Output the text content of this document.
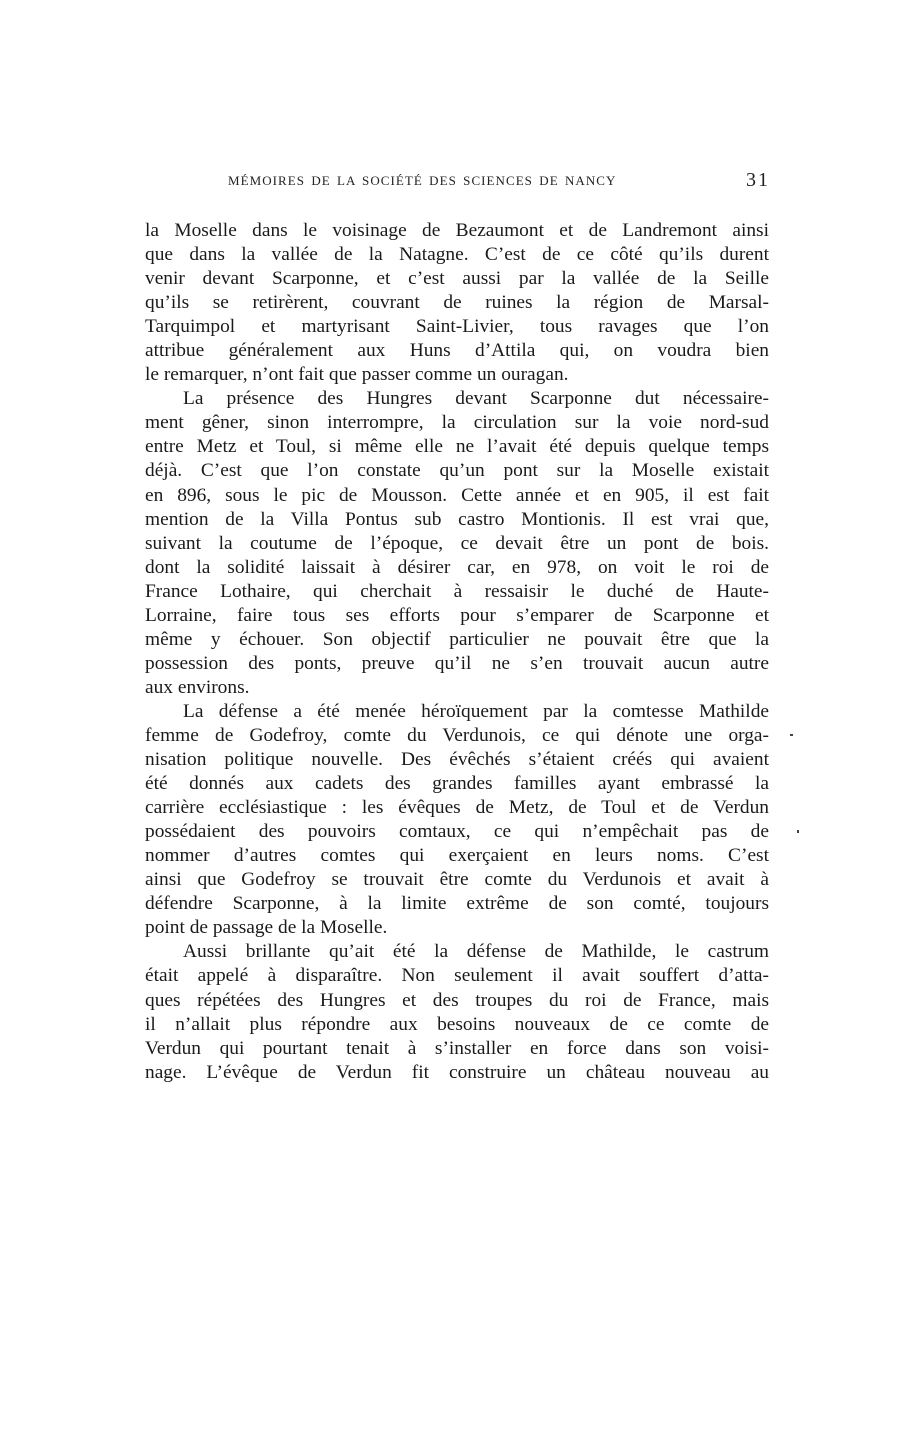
MÉMOIRES DE LA SOCIÉTÉ DES SCIENCES DE NANCY	31
la Moselle dans le voisinage de Bezaumont et de Landremont ainsi
que dans la vallée de la Natagne. C’est de ce côté qu’ils durent
venir devant Scarponne, et c’est aussi par la vallée de la Seille
qu’ils se retirèrent, couvrant de ruines la région de Marsal-
Tarquimpol et martyrisant Saint-Livier, tous ravages que l’on
attribue généralement aux Huns d’Attila qui, on voudra bien
le remarquer, n’ont fait que passer comme un ouragan.
La présence des Hungres devant Scarponne dut nécessaire-
ment gêner, sinon interrompre, la circulation sur la voie nord-sud
entre Metz et Toul, si même elle ne l’avait été depuis quelque temps
déjà. C’est que l’on constate qu’un pont sur la Moselle existait
en 896, sous le pic de Mousson. Cette année et en 905, il est fait
mention de la Villa Pontus sub castro Montionis. Il est vrai que,
suivant la coutume de l’époque, ce devait être un pont de bois.
dont la solidité laissait à désirer car, en 978, on voit le roi de
France Lothaire, qui cherchait à ressaisir le duché de Haute-
Lorraine, faire tous ses efforts pour s’emparer de Scarponne et
même y échouer. Son objectif particulier ne pouvait être que la
possession des ponts, preuve qu’il ne s’en trouvait aucun autre
aux environs.
La défense a été menée héroïquement par la comtesse Mathilde
femme de Godefroy, comte du Verdunois, ce qui dénote une orga-
nisation politique nouvelle. Des évêchés s’étaient créés qui avaient
été donnés aux cadets des grandes familles ayant embrassé la
carrière ecclésiastique : les évêques de Metz, de Toul et de Verdun
possédaient des pouvoirs comtaux, ce qui n’empêchait pas de
nommer d’autres comtes qui exerçaient en leurs noms. C’est
ainsi que Godefroy se trouvait être comte du Verdunois et avait à
défendre Scarponne, à la limite extrême de son comté, toujours
point de passage de la Moselle.
Aussi brillante qu’ait été la défense de Mathilde, le castrum
était appelé à disparaître. Non seulement il avait souffert d’atta-
ques répétées des Hungres et des troupes du roi de France, mais
il n’allait plus répondre aux besoins nouveaux de ce comte de
Verdun qui pourtant tenait à s’installer en force dans son voisi-
nage. L’évêque de Verdun fit construire un château nouveau au
